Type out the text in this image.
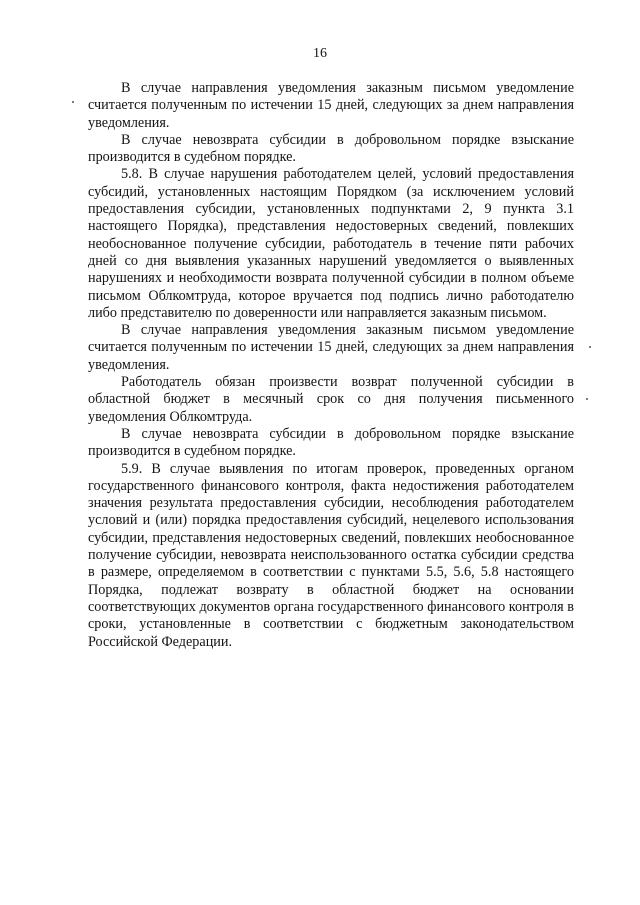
16

В случае направления уведомления заказным письмом уведомление считается полученным по истечении 15 дней, следующих за днем направления уведомления.

В случае невозврата субсидии в добровольном порядке взыскание производится в судебном порядке.

5.8. В случае нарушения работодателем целей, условий предоставления субсидий, установленных настоящим Порядком (за исключением условий предоставления субсидии, установленных подпунктами 2, 9 пункта 3.1 настоящего Порядка), представления недостоверных сведений, повлекших необоснованное получение субсидии, работодатель в течение пяти рабочих дней со дня выявления указанных нарушений уведомляется о выявленных нарушениях и необходимости возврата полученной субсидии в полном объеме письмом Облкомтруда, которое вручается под подпись лично работодателю либо представителю по доверенности или направляется заказным письмом.

В случае направления уведомления заказным письмом уведомление считается полученным по истечении 15 дней, следующих за днем направления уведомления.

Работодатель обязан произвести возврат полученной субсидии в областной бюджет в месячный срок со дня получения письменного уведомления Облкомтруда.

В случае невозврата субсидии в добровольном порядке взыскание производится в судебном порядке.

5.9. В случае выявления по итогам проверок, проведенных органом государственного финансового контроля, факта недостижения работодателем значения результата предоставления субсидии, несоблюдения работодателем условий и (или) порядка предоставления субсидий, нецелевого использования субсидии, представления недостоверных сведений, повлекших необоснованное получение субсидии, невозврата неиспользованного остатка субсидии средства в размере, определяемом в соответствии с пунктами 5.5, 5.6, 5.8 настоящего Порядка, подлежат возврату в областной бюджет на основании соответствующих документов органа государственного финансового контроля в сроки, установленные в соответствии с бюджетным законодательством Российской Федерации.
